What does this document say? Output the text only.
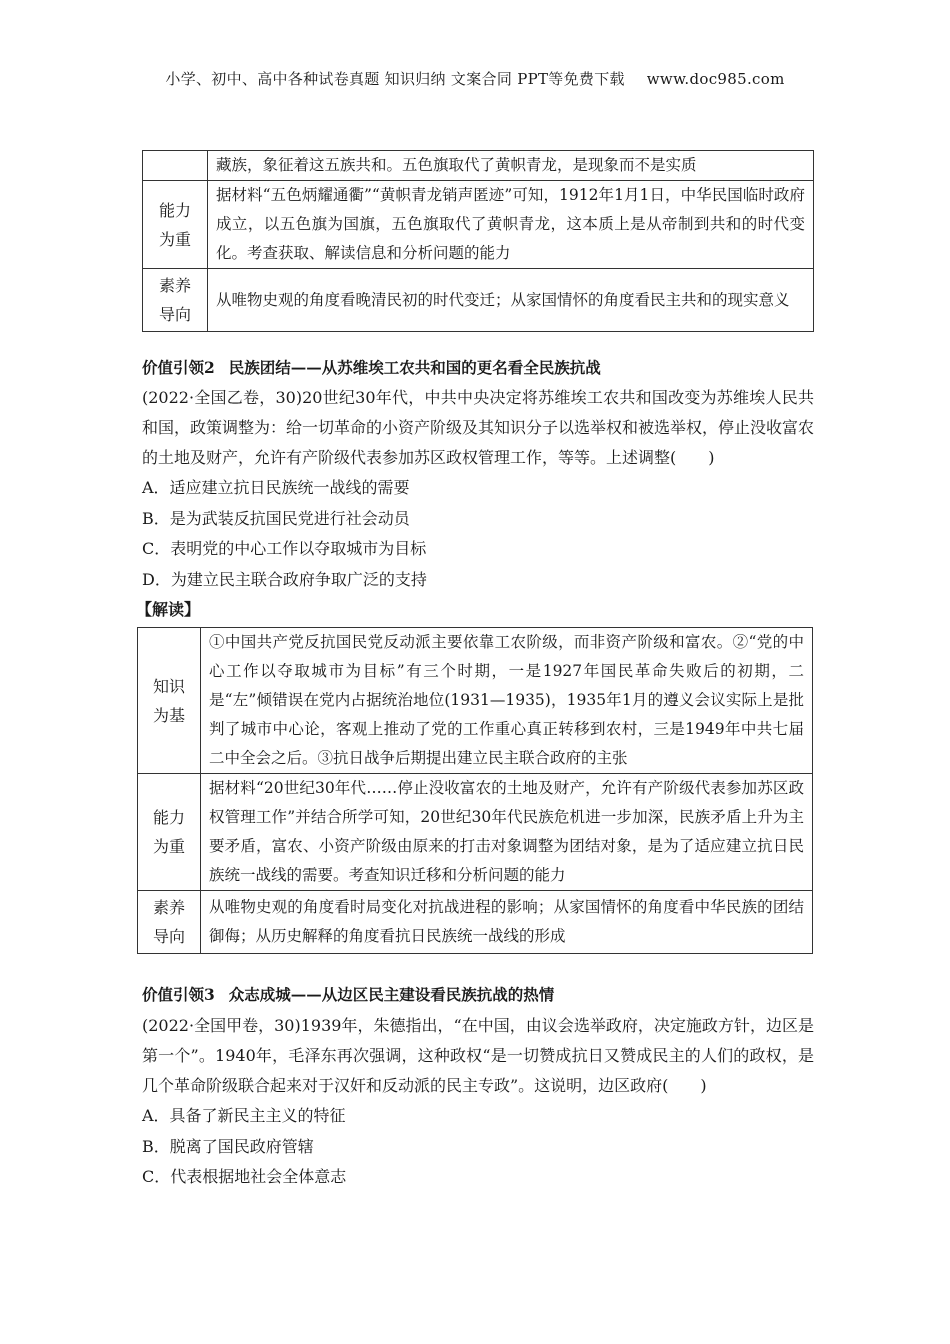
小学、初中、高中各种试卷真题 知识归纳 文案合同 PPT等免费下载 www.doc985.com
	藏族，象征着这五族共和。五色旗取代了黄帜青龙，是现象而不是实质

能力
为重	据材料“五色炳耀通衢”“黄帜青龙销声匿迹”可知，1912年1月1日，中华民国临时政府成立，以五色旗为国旗，五色旗取代了黄帜青龙，这本质上是从帝制到共和的时代变化。考查获取、解读信息和分析问题的能力

素养
导向	从唯物史观的角度看晚清民初的时代变迁；从家国情怀的角度看民主共和的现实意义

价值引领2 民族团结——从苏维埃工农共和国的更名看全民族抗战

(2022·全国乙卷，30)20世纪30年代，中共中央决定将苏维埃工农共和国改变为苏维埃人民共和国，政策调整为：给一切革命的小资产阶级及其知识分子以选举权和被选举权，停止没收富农的土地及财产，允许有产阶级代表参加苏区政权管理工作，等等。上述调整(　　)

A．适应建立抗日民族统一战线的需要

B．是为武装反抗国民党进行社会动员

C．表明党的中心工作以夺取城市为目标

D．为建立民主联合政府争取广泛的支持

【解读】

知识
为基	①中国共产党反抗国民党反动派主要依靠工农阶级，而非资产阶级和富农。②“党的中心工作以夺取城市为目标”有三个时期，一是1927年国民革命失败后的初期，二是“左”倾错误在党内占据统治地位(1931—1935)，1935年1月的遵义会议实际上是批判了城市中心论，客观上推动了党的工作重心真正转移到农村，三是1949年中共七届二中全会之后。③抗日战争后期提出建立民主联合政府的主张

能力
为重	据材料“20世纪30年代……停止没收富农的土地及财产，允许有产阶级代表参加苏区政权管理工作”并结合所学可知，20世纪30年代民族危机进一步加深，民族矛盾上升为主要矛盾，富农、小资产阶级由原来的打击对象调整为团结对象，是为了适应建立抗日民族统一战线的需要。考查知识迁移和分析问题的能力

素养
导向	从唯物史观的角度看时局变化对抗战进程的影响；从家国情怀的角度看中华民族的团结御侮；从历史解释的角度看抗日民族统一战线的形成

价值引领3 众志成城——从边区民主建设看民族抗战的热情

(2022·全国甲卷，30)1939年，朱德指出，“在中国，由议会选举政府，决定施政方针，边区是第一个”。1940年，毛泽东再次强调，这种政权“是一切赞成抗日又赞成民主的人们的政权，是几个革命阶级联合起来对于汉奸和反动派的民主专政”。这说明，边区政府(　　)

A．具备了新民主主义的特征

B．脱离了国民政府管辖

C．代表根据地社会全体意志
